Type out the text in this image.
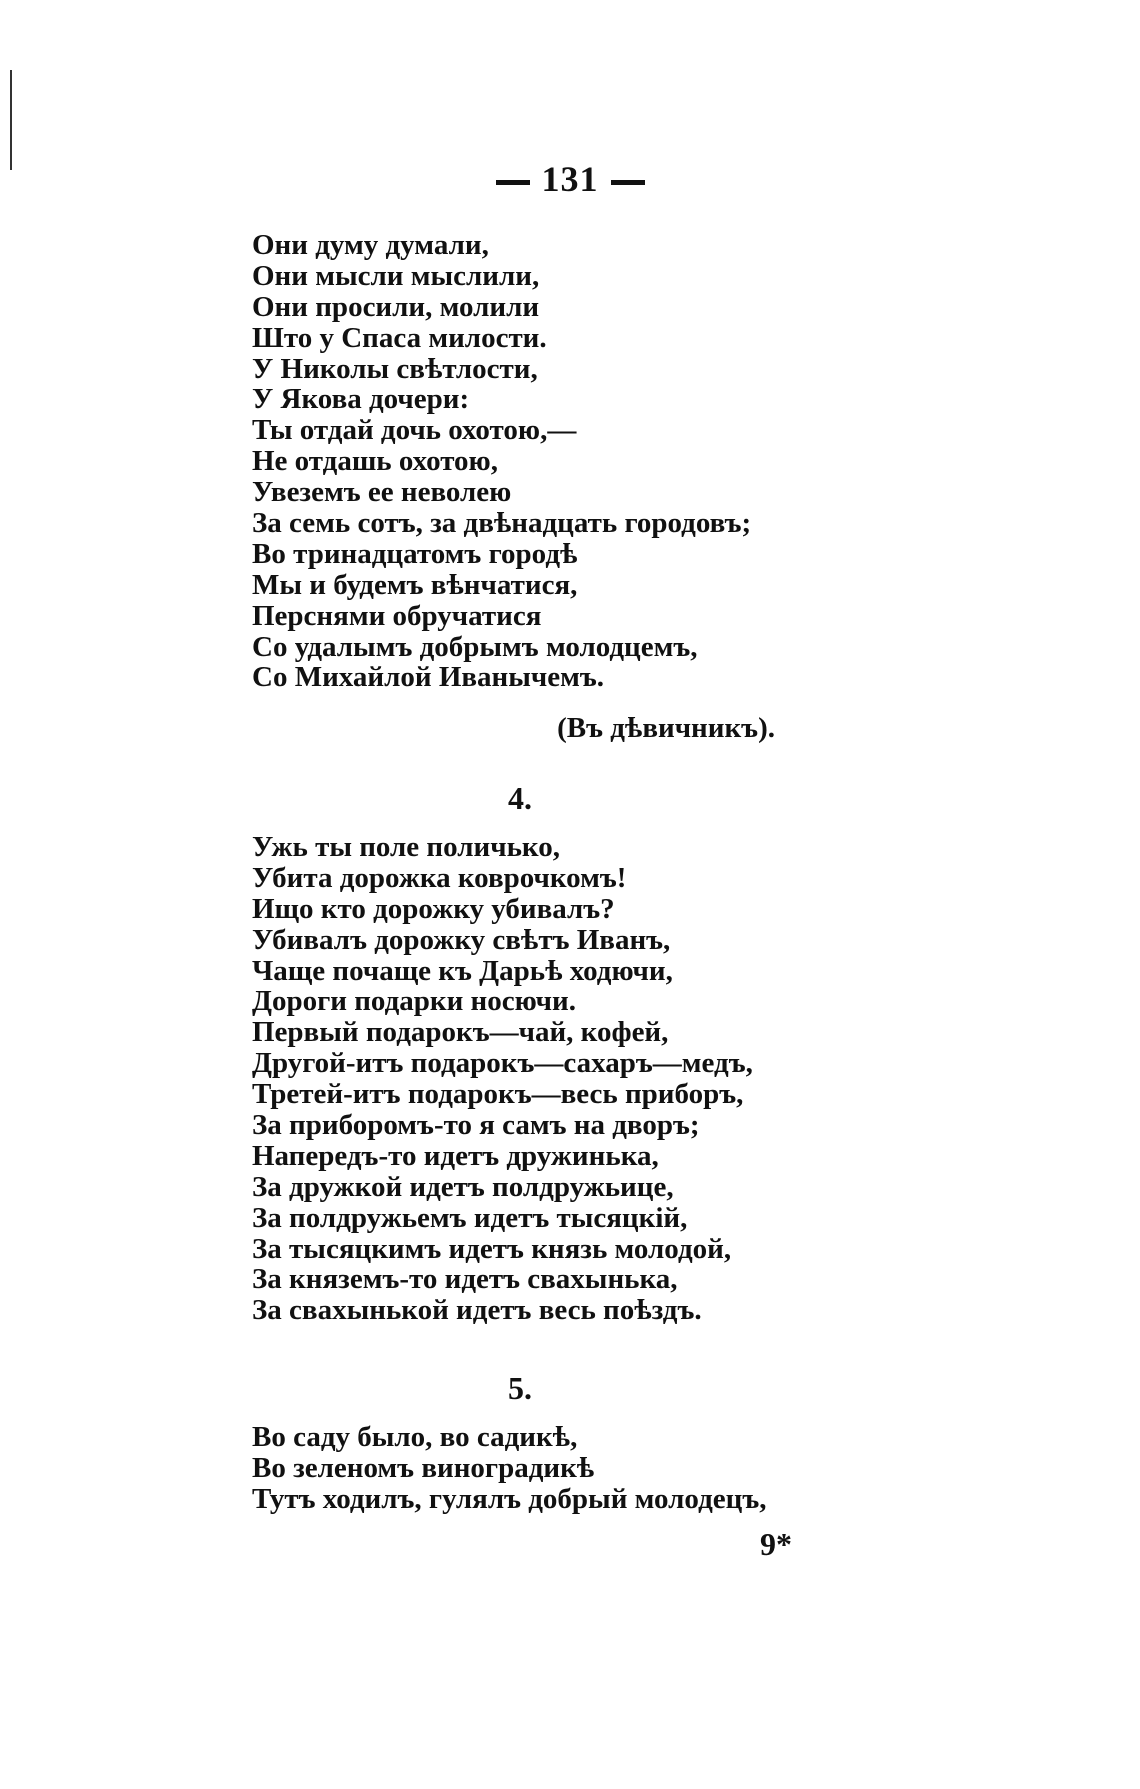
131
Они думу думали,
Они мысли мыслили,
Они просили, молили
Што у Спаса милости.
У Николы свѣтлости,
У Якова дочери:
Ты отдай дочь охотою,—
Не отдашь охотою,
Увеземъ ее неволею
За семь сотъ, за двѣнадцать городовъ;
Во тринадцатомъ городѣ
Мы и будемъ вѣнчатися,
Перснями обручатися
Со удалымъ добрымъ молодцемъ,
Со Михайлой Иванычемъ.
(Въ дѣвичникъ).
4.
Ужь ты поле поличько,
Убита дорожка коврочкомъ!
Ищо кто дорожку убивалъ?
Убивалъ дорожку свѣтъ Иванъ,
Чаще почаще къ Дарьѣ ходючи,
Дороги подарки носючи.
Первый подарокъ—чай, кофей,
Другой-итъ подарокъ—сахаръ—медъ,
Третей-итъ подарокъ—весь приборъ,
За приборомъ-то я самъ на дворъ;
Напередъ-то идетъ дружинька,
За дружкой идетъ полдружьице,
За полдружьемъ идетъ тысяцкій,
За тысяцкимъ идетъ князь молодой,
За княземъ-то идетъ свахынька,
За свахынькой идетъ весь поѣздъ.
5.
Во саду было, во садикѣ,
Во зеленомъ виноградикѣ
Тутъ ходилъ, гулялъ добрый молодецъ,
9*
